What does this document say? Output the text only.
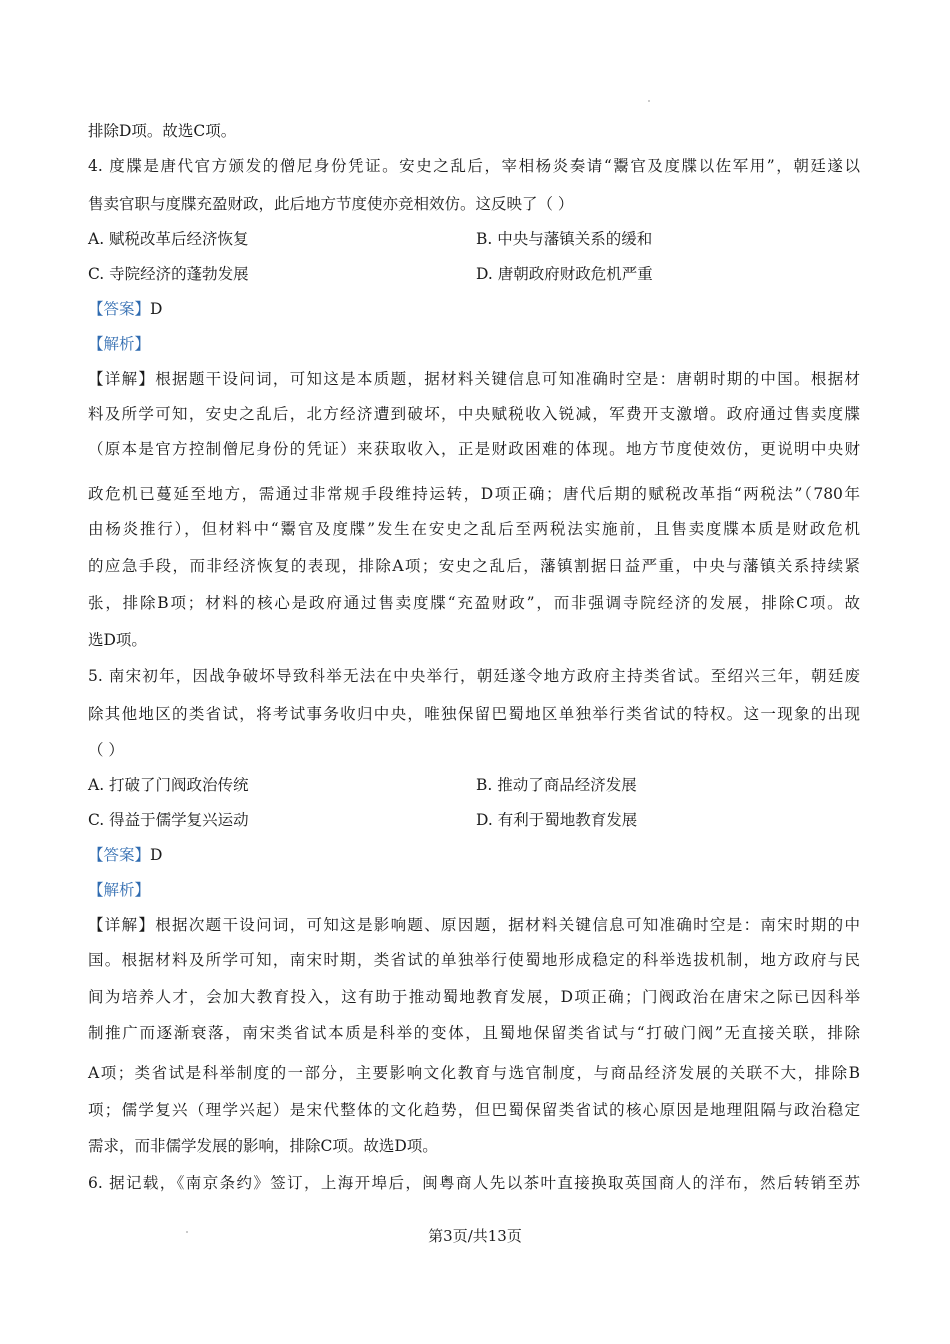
排除D项。故选C项。
4. 度牒是唐代官方颁发的僧尼身份凭证。安史之乱后，宰相杨炎奏请“鬻官及度牒以佐军用”，朝廷遂以
售卖官职与度牒充盈财政，此后地方节度使亦竞相效仿。这反映了（ ）
A. 赋税改革后经济恢复	B. 中央与藩镇关系的缓和
C. 寺院经济的蓬勃发展	D. 唐朝政府财政危机严重
【答案】D
【解析】
【详解】根据题干设问词，可知这是本质题，据材料关键信息可知准确时空是：唐朝时期的中国。根据材
料及所学可知，安史之乱后，北方经济遭到破坏，中央赋税收入锐减，军费开支激增。政府通过售卖度牒
（原本是官方控制僧尼身份的凭证）来获取收入，正是财政困难的体现。地方节度使效仿，更说明中央财
政危机已蔓延至地方，需通过非常规手段维持运转，D项正确；唐代后期的赋税改革指“两税法”（780年
由杨炎推行），但材料中“鬻官及度牒”发生在安史之乱后至两税法实施前，且售卖度牒本质是财政危机
的应急手段，而非经济恢复的表现，排除A项；安史之乱后，藩镇割据日益严重，中央与藩镇关系持续紧
张，排除B项；材料的核心是政府通过售卖度牒“充盈财政”，而非强调寺院经济的发展，排除C项。故
选D项。
5. 南宋初年，因战争破坏导致科举无法在中央举行，朝廷遂令地方政府主持类省试。至绍兴三年，朝廷废
除其他地区的类省试，将考试事务收归中央，唯独保留巴蜀地区单独举行类省试的特权。这一现象的出现
（ ）
A. 打破了门阀政治传统	B. 推动了商品经济发展
C. 得益于儒学复兴运动	D. 有利于蜀地教育发展
【答案】D
【解析】
【详解】根据次题干设问词，可知这是影响题、原因题，据材料关键信息可知准确时空是：南宋时期的中
国。根据材料及所学可知，南宋时期，类省试的单独举行使蜀地形成稳定的科举选拔机制，地方政府与民
间为培养人才，会加大教育投入，这有助于推动蜀地教育发展，D项正确；门阀政治在唐宋之际已因科举
制推广而逐渐衰落，南宋类省试本质是科举的变体，且蜀地保留类省试与“打破门阀”无直接关联，排除
A项；类省试是科举制度的一部分，主要影响文化教育与选官制度，与商品经济发展的关联不大，排除B
项；儒学复兴（理学兴起）是宋代整体的文化趋势，但巴蜀保留类省试的核心原因是地理阻隔与政治稳定
需求，而非儒学发展的影响，排除C项。故选D项。
6. 据记载，《南京条约》签订，上海开埠后，闽粤商人先以茶叶直接换取英国商人的洋布，然后转销至苏
第3页/共13页
